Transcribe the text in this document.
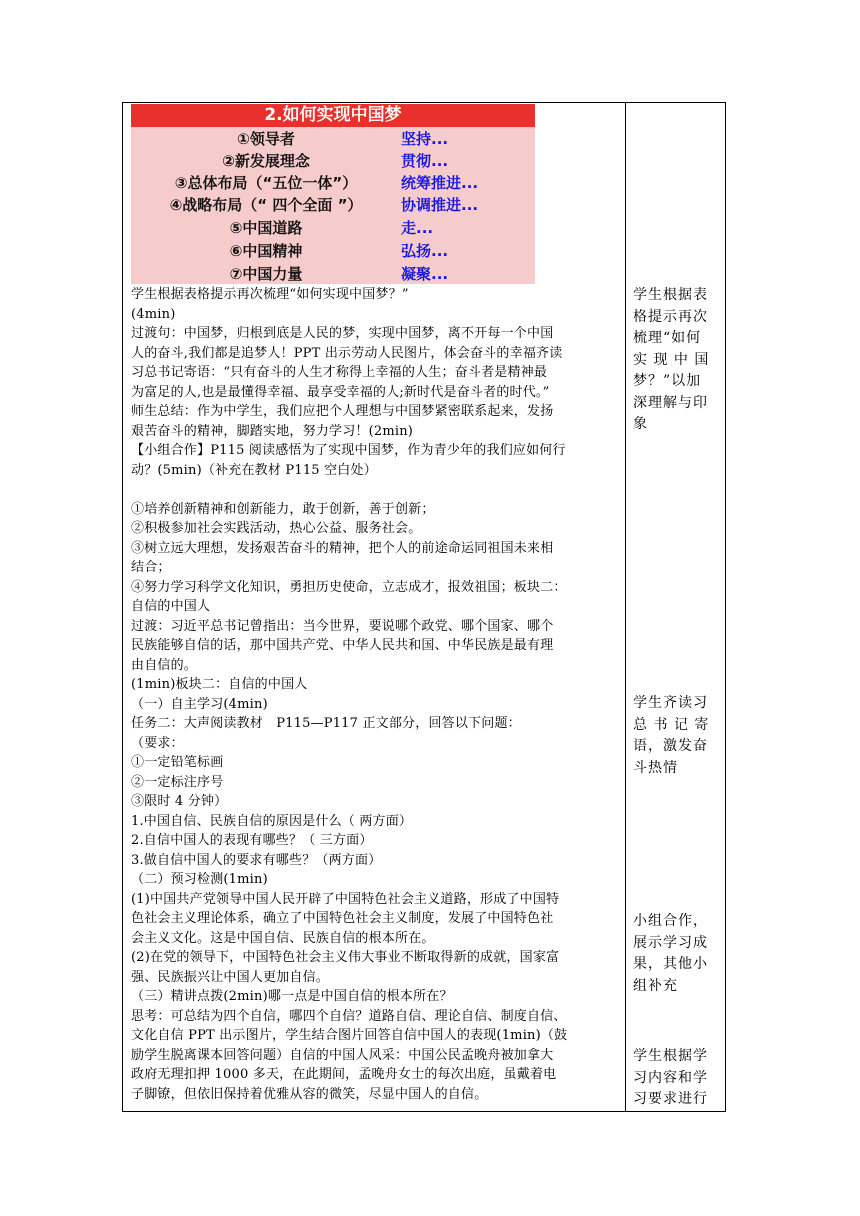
2.如何实现中国梦
①领导者	坚持...
②新发展理念	贯彻...
③总体布局（“五位一体”）	统筹推进...
④战略布局（“ 四个全面 ”）	协调推进...
⑤中国道路	走...
⑥中国精神	弘扬...
⑦中国力量	凝聚...

学生根据表格提示再次梳理“如何实现中国梦？”

(4min)

过渡句：中国梦，归根到底是人民的梦，实现中国梦，离不开每一个中国

人的奋斗,我们都是追梦人！PPT 出示劳动人民图片，体会奋斗的幸福齐读

习总书记寄语：“只有奋斗的人生才称得上幸福的人生；奋斗者是精神最

为富足的人,也是最懂得幸福、最享受幸福的人;新时代是奋斗者的时代。”

师生总结：作为中学生，我们应把个人理想与中国梦紧密联系起来，发扬

艰苦奋斗的精神，脚踏实地，努力学习！(2min)

【小组合作】P115 阅读感悟为了实现中国梦，作为青少年的我们应如何行

动？(5min)（补充在教材 P115 空白处）

①培养创新精神和创新能力，敢于创新，善于创新；

②积极参加社会实践活动，热心公益、服务社会。

③树立远大理想，发扬艰苦奋斗的精神，把个人的前途命运同祖国未来相

结合；

④努力学习科学文化知识，勇担历史使命，立志成才，报效祖国；板块二：

自信的中国人

过渡：习近平总书记曾指出：当今世界，要说哪个政党、哪个国家、哪个

民族能够自信的话，那中国共产党、中华人民共和国、中华民族是最有理

由自信的。

(1min)板块二：自信的中国人

（一）自主学习(4min)

任务二：大声阅读教材　P115—P117 正文部分，回答以下问题：

（要求：

①一定铅笔标画

②一定标注序号

③限时 4 分钟）

1.中国自信、民族自信的原因是什么（ 两方面）

2.自信中国人的表现有哪些？（ 三方面）

3.做自信中国人的要求有哪些？（两方面）

（二）预习检测(1min)

(1)中国共产党领导中国人民开辟了中国特色社会主义道路，形成了中国特

色社会主义理论体系，确立了中国特色社会主义制度，发展了中国特色社

会主义文化。这是中国自信、民族自信的根本所在。

(2)在党的领导下，中国特色社会主义伟大事业不断取得新的成就，国家富

强、民族振兴让中国人更加自信。

（三）精讲点拨(2min)哪一点是中国自信的根本所在？

思考：可总结为四个自信，哪四个自信？道路自信、理论自信、制度自信、

文化自信 PPT 出示图片，学生结合图片回答自信中国人的表现(1min)（鼓

励学生脱离课本回答问题）自信的中国人风采：中国公民孟晚舟被加拿大

政府无理扣押 1000 多天，在此期间，孟晚舟女士的每次出庭，虽戴着电

子脚镣，但依旧保持着优雅从容的微笑，尽显中国人的自信。

学生根据表

格提示再次

梳理“如何

实 现 中 国

梦？”以加

深理解与印

象

学生齐读习

总 书 记 寄

语，激发奋

斗热情

小组合作，

展示学习成

果，其他小

组补充

学生根据学

习内容和学

习要求进行
